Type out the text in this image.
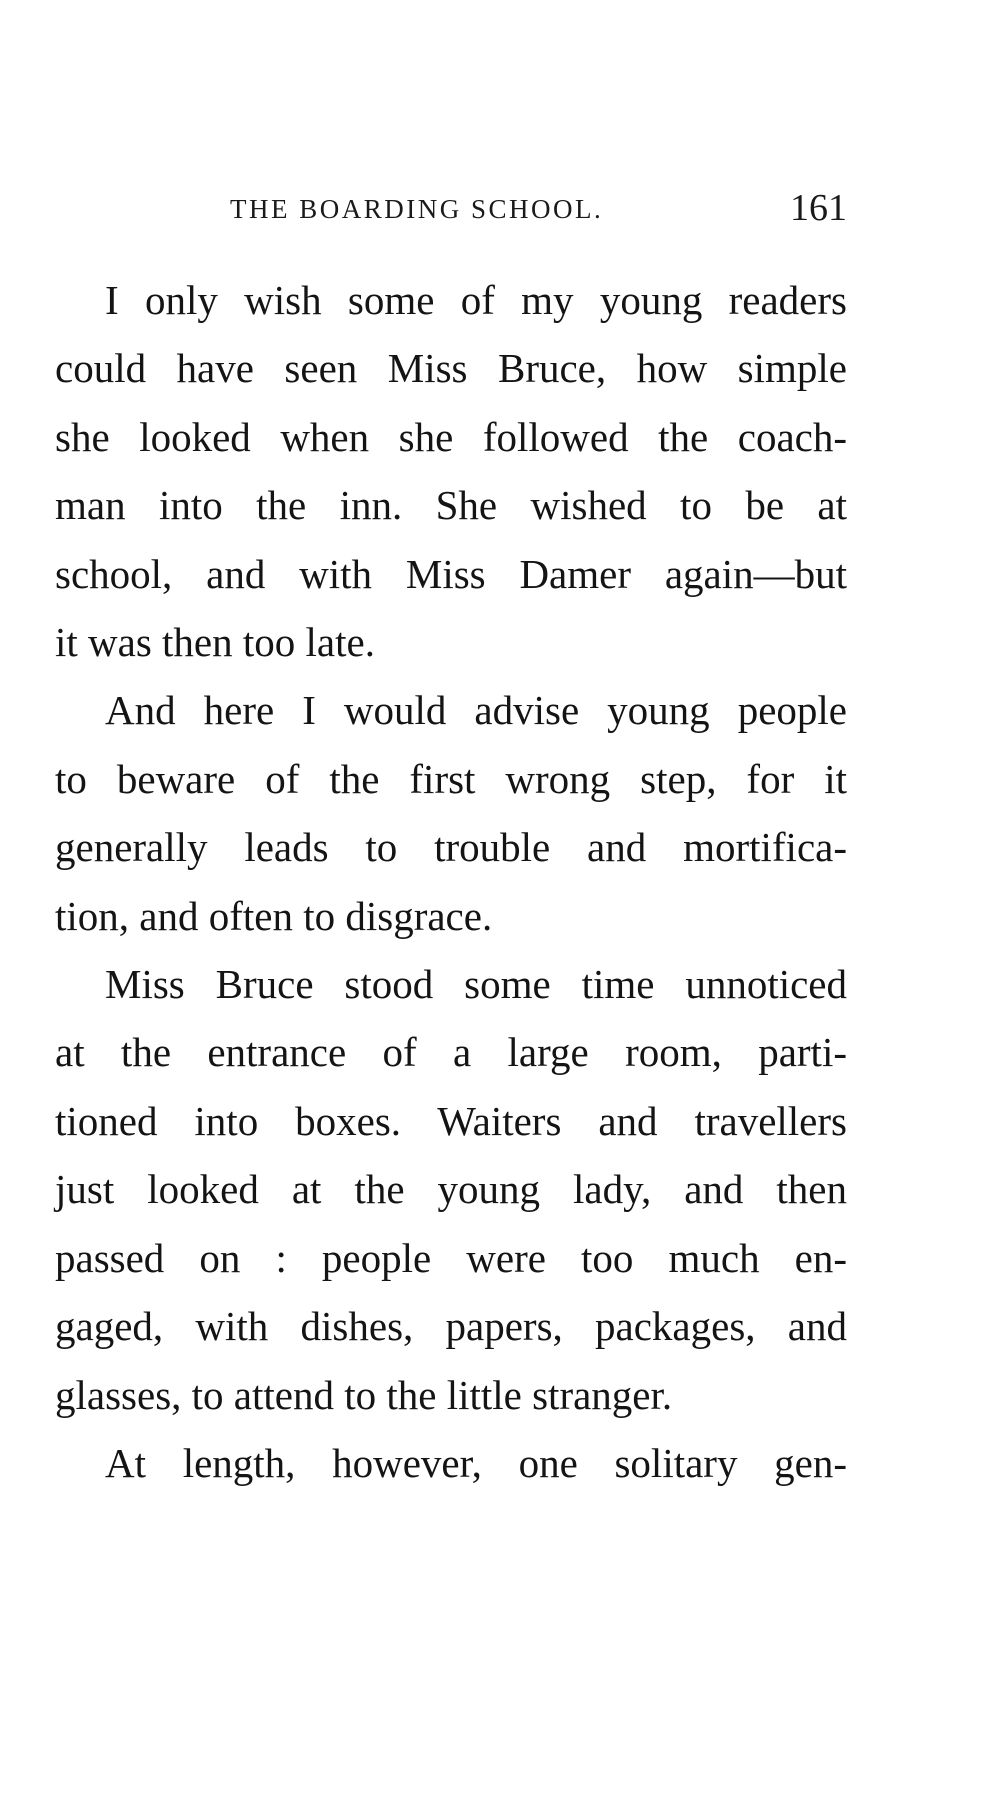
THE BOARDING SCHOOL.	161

I only wish some of my young readers
could have seen Miss Bruce, how simple
she looked when she followed the coach-
man into the inn. She wished to be at
school, and with Miss Damer again—but
it was then too late.

And here I would advise young people
to beware of the first wrong step, for it
generally leads to trouble and mortifica-
tion, and often to disgrace.

Miss Bruce stood some time unnoticed
at the entrance of a large room, parti-
tioned into boxes. Waiters and travellers
just looked at the young lady, and then
passed on : people were too much en-
gaged, with dishes, papers, packages, and
glasses, to attend to the little stranger.

At length, however, one solitary gen-
